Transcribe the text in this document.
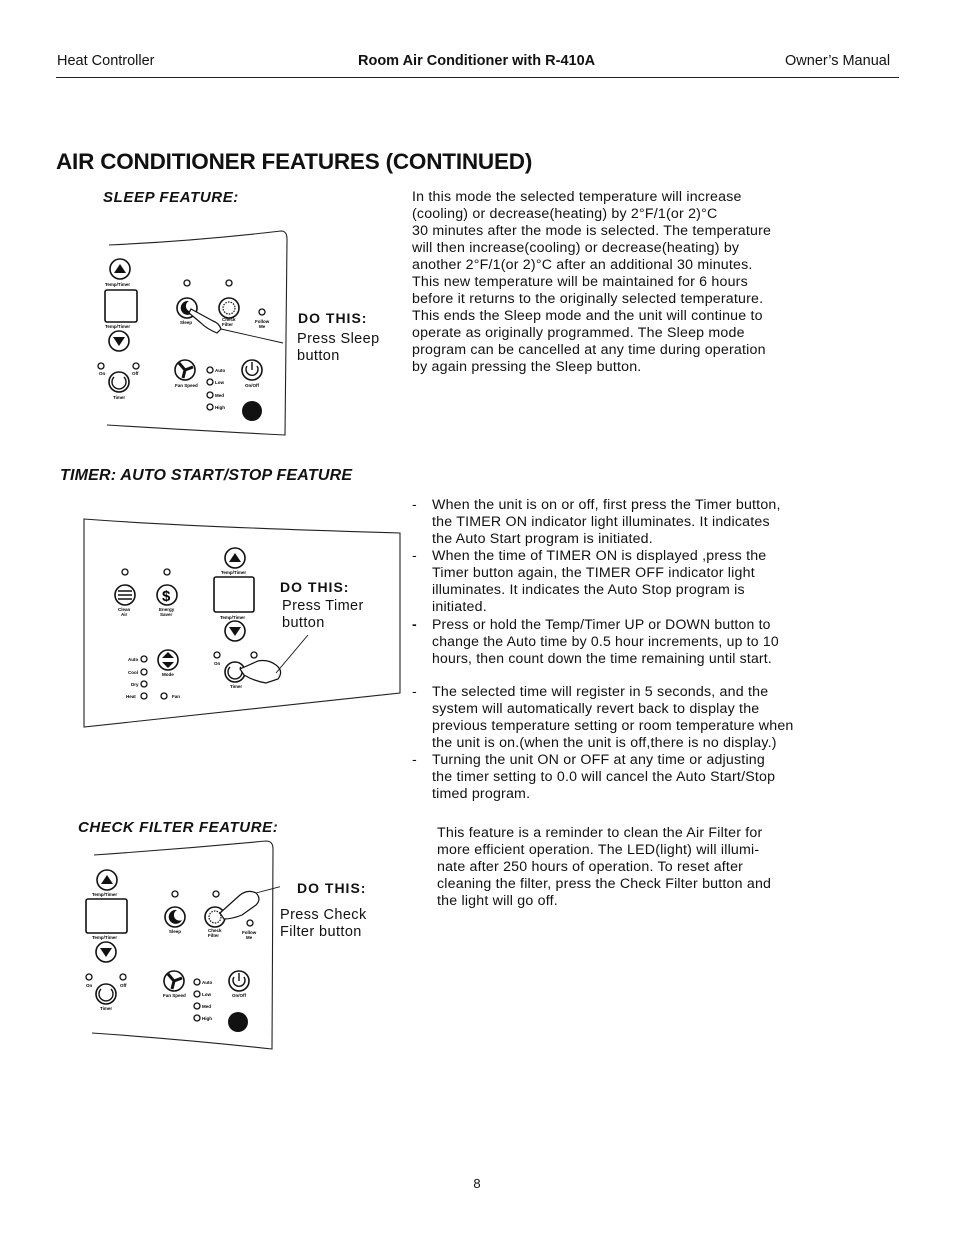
Heat Controller	Room Air Conditioner with R-410A	Owner’s Manual
AIR CONDITIONER FEATURES (CONTINUED)
SLEEP FEATURE:	In this mode the selected temperature will increase

(cooling) or decrease(heating) by 2°F/1(or 2)°C

30 minutes after the mode is selected. The temperature

will then increase(cooling) or decrease(heating) by

another 2°F/1(or 2)°C after an additional 30 minutes.

This new temperature will be maintained for 6 hours

before it returns to the originally selected temperature.

This ends the Sleep mode and the unit will continue to

operate as originally programmed. The Sleep mode

program can be cancelled at any time during operation

by again pressing the Sleep button.

DO THIS:
Press Sleep
button
Temp/Timer
Temp/Timer
On	Off
Timer
Sleep
Check
Filter
Follow
Me
Fan Speed
Auto
Low
Med
High
On/Off
TIMER: AUTO START/STOP FEATURE
- When the unit is on or off, first press the Timer button,

the TIMER ON indicator light illuminates. It indicates

the Auto Start program is initiated.

- When the time of TIMER ON is displayed ,press the

Timer button again, the TIMER OFF indicator light

illuminates. It indicates the Auto Stop program is

initiated.

- Press or hold the Temp/Timer UP or DOWN button to

change the Auto time by 0.5 hour increments, up to 10

hours, then count down the time remaining until start.

- The selected time will register in 5 seconds, and the

system will automatically revert back to display the

previous temperature setting or room temperature when

the unit is on.(when the unit is off,there is no display.)

- Turning the unit ON or OFF at any time or adjusting

the timer setting to 0.0 will cancel the Auto Start/Stop

timed program.

DO THIS:
Press Timer
button
Clean
Air
$
Energy
Saver
Auto
Cool
Dry
Heat	Fan
Mode
Temp/Timer
Temp/Timer
On
Timer
CHECK FILTER FEATURE:	This feature is a reminder to clean the Air Filter for

more efficient operation. The LED(light) will illumi-

nate after 250 hours of operation. To reset after

cleaning the filter, press the Check Filter button and

the light will go off.

DO THIS:
Press Check
Filter button
Temp/Timer
Temp/Timer
On	Off
Timer
Sleep	Check
Filter
Follow
Me
Fan Speed
Auto
Low
Med
High
On/Off
8
